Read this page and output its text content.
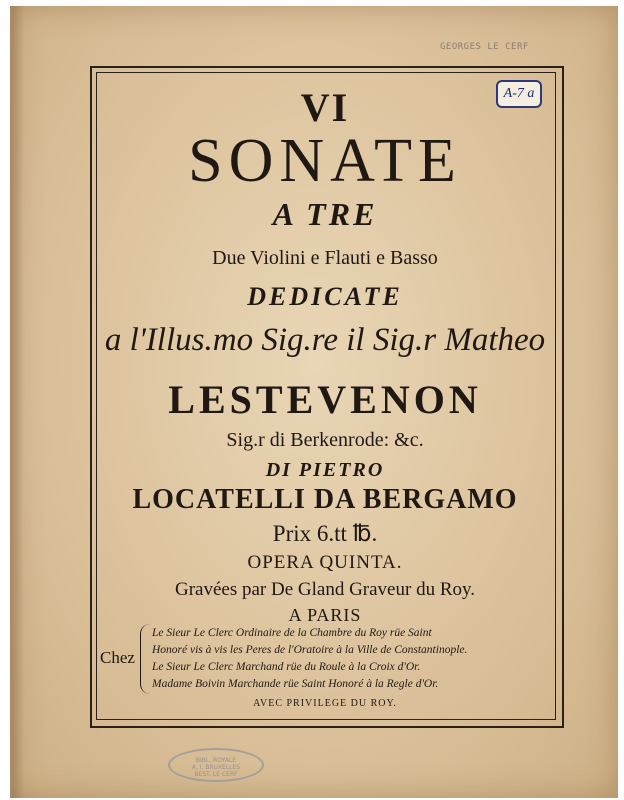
GEORGES LE CERF
A-7 a
VI
SONATE
A TRE
Due Violini e Flauti e Basso
DEDICATE
a l'Illus.mo Sig.re il Sig.r Matheo
LESTEVENON
Sig.r di Berkenrode: &c.
DI PIETRO
LOCATELLI DA BERGAMO
Prix 6.tt ℔.
OPERA QUINTA.
Gravées par De Gland Graveur du Roy.
A PARIS
Chez
Le Sieur Le Clerc Ordinaire de la Chambre du Roy rüe Saint
Honoré vis à vis les Peres de l'Oratoire à la Ville de Constantinople.
Le Sieur Le Clerc Marchand rüe du Roule à la Croix d'Or.
Madame Boivin Marchande rüe Saint Honoré à la Regle d'Or.
AVEC PRIVILEGE DU ROY.
BIBL. ROYALE
A. I. BRUXELLES
BEST. LE CERF
